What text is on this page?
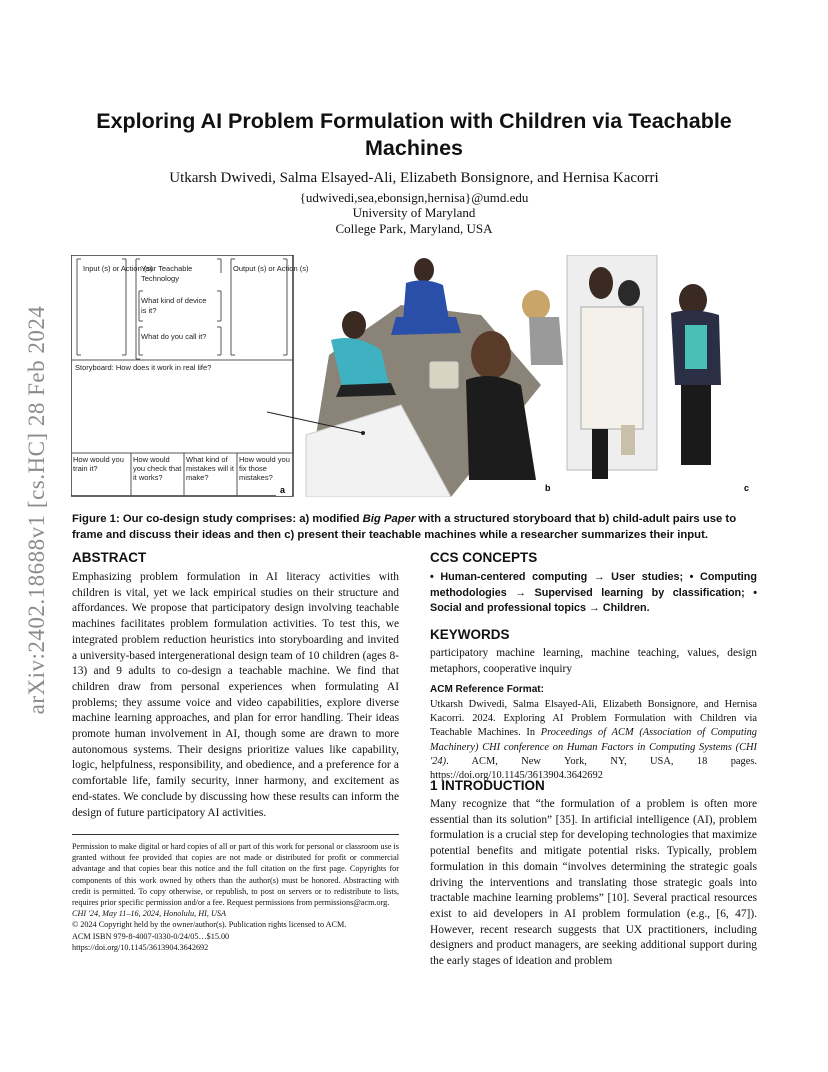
arXiv:2402.18688v1 [cs.HC] 28 Feb 2024
Exploring AI Problem Formulation with Children via Teachable Machines
Utkarsh Dwivedi, Salma Elsayed-Ali, Elizabeth Bonsignore, and Hernisa Kacorri
{udwivedi,sea,ebonsign,hernisa}@umd.edu
University of Maryland
College Park, Maryland, USA
Input (s) or Action (s)
Your Teachable
Technology
Output (s) or Action (s)
What kind of device
is it?
What do you call it?
Storyboard: How does it work in real life?
How would you train it?
How would you check that it works?
What kind of mistakes will it make?
How would you fix those mistakes?
a	b	c
Figure 1: Our co-design study comprises: a) modified Big Paper with a structured storyboard that b) child-adult pairs use to frame and discuss their ideas and then c) present their teachable machines while a researcher summarizes their input.
ABSTRACT
Emphasizing problem formulation in AI literacy activities with children is vital, yet we lack empirical studies on their structure and affordances. We propose that participatory design involving teachable machines facilitates problem formulation activities. To test this, we integrated problem reduction heuristics into storyboarding and invited a university-based intergenerational design team of 10 children (ages 8-13) and 9 adults to co-design a teachable machine. We find that children draw from personal experiences when formulating AI problems; they assume voice and video capabilities, explore diverse machine learning approaches, and plan for error handling. Their ideas promote human involvement in AI, though some are drawn to more autonomous systems. Their designs prioritize values like capability, logic, helpfulness, responsibility, and obedience, and a preference for a comfortable life, family security, inner harmony, and excitement as end-states. We conclude by discussing how these results can inform the design of future participatory AI activities.
Permission to make digital or hard copies of all or part of this work for personal or classroom use is granted without fee provided that copies are not made or distributed for profit or commercial advantage and that copies bear this notice and the full citation on the first page. Copyrights for components of this work owned by others than the author(s) must be honored. Abstracting with credit is permitted. To copy otherwise, or republish, to post on servers or to redistribute to lists, requires prior specific permission and/or a fee. Request permissions from permissions@acm.org.
CHI '24, May 11–16, 2024, Honolulu, HI, USA
© 2024 Copyright held by the owner/author(s). Publication rights licensed to ACM.
ACM ISBN 979-8-4007-0330-0/24/05…$15.00
https://doi.org/10.1145/3613904.3642692
CCS CONCEPTS
• Human-centered computing → User studies; • Computing methodologies → Supervised learning by classification; • Social and professional topics → Children.
KEYWORDS
participatory machine learning, machine teaching, values, design metaphors, cooperative inquiry
ACM Reference Format:
Utkarsh Dwivedi, Salma Elsayed-Ali, Elizabeth Bonsignore, and Hernisa Kacorri. 2024. Exploring AI Problem Formulation with Children via Teachable Machines. In Proceedings of ACM (Association of Computing Machinery) CHI conference on Human Factors in Computing Systems (CHI '24). ACM, New York, NY, USA, 18 pages. https://doi.org/10.1145/3613904.3642692
1 INTRODUCTION
Many recognize that “the formulation of a problem is often more essential than its solution” [35]. In artificial intelligence (AI), problem formulation is a crucial step for developing technologies that maximize potential benefits and mitigate potential risks. Typically, problem formulation in this domain “involves determining the strategic goals driving the interventions and translating those strategic goals into tractable machine learning problems” [10]. Several practical resources exist to aid developers in AI problem formulation (e.g., [6, 47]). However, recent research suggests that UX practitioners, including designers and product managers, are seeking additional support during the early stages of ideation and problem
